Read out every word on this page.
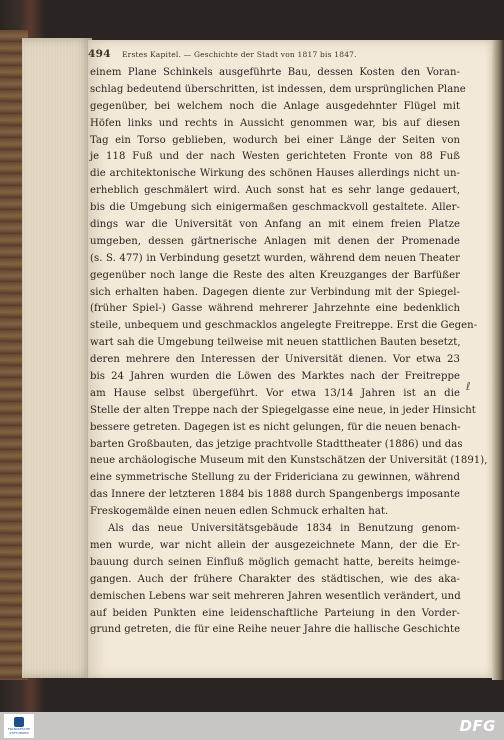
494 Erstes Kapitel. — Geschichte der Stadt von 1817 bis 1847.
einem Plane Schinkels ausgeführte Bau, dessen Kosten den Voran-
schlag bedeutend überschritten, ist indessen, dem ursprünglichen Plane
gegenüber, bei welchem noch die Anlage ausgedehnter Flügel mit
Höfen links und rechts in Aussicht genommen war, bis auf diesen
Tag ein Torso geblieben, wodurch bei einer Länge der Seiten von
je 118 Fuß und der nach Westen gerichteten Fronte von 88 Fuß
die architektonische Wirkung des schönen Hauses allerdings nicht un-
erheblich geschmälert wird. Auch sonst hat es sehr lange gedauert,
bis die Umgebung sich einigermaßen geschmackvoll gestaltete. Aller-
dings war die Universität von Anfang an mit einem freien Platze
umgeben, dessen gärtnerische Anlagen mit denen der Promenade
(s. S. 477) in Verbindung gesetzt wurden, während dem neuen Theater
gegenüber noch lange die Reste des alten Kreuzganges der Barfüßer
sich erhalten haben. Dagegen diente zur Verbindung mit der Spiegel-
(früher Spiel-) Gasse während mehrerer Jahrzehnte eine bedenklich
steile, unbequem und geschmacklos angelegte Freitreppe. Erst die Gegen-
wart sah die Umgebung teilweise mit neuen stattlichen Bauten besetzt,
deren mehrere den Interessen der Universität dienen. Vor etwa 23
bis 24 Jahren wurden die Löwen des Marktes nach der Freitreppe
am Hause selbst übergeführt. Vor etwa 13/14 Jahren ist an die
Stelle der alten Treppe nach der Spiegelgasse eine neue, in jeder Hinsicht
bessere getreten. Dagegen ist es nicht gelungen, für die neuen benach-
barten Großbauten, das jetzige prachtvolle Stadttheater (1886) und das
neue archäologische Museum mit den Kunstschätzen der Universität (1891),
eine symmetrische Stellung zu der Fridericiana zu gewinnen, während
das Innere der letzteren 1884 bis 1888 durch Spangenbergs imposante
Freskogemälde einen neuen edlen Schmuck erhalten hat.
Als das neue Universitätsgebäude 1834 in Benutzung genom-
men wurde, war nicht allein der ausgezeichnete Mann, der die Er-
bauung durch seinen Einfluß möglich gemacht hatte, bereits heimge-
gangen. Auch der frühere Charakter des städtischen, wie des aka-
demischen Lebens war seit mehreren Jahren wesentlich verändert, und
auf beiden Punkten eine leidenschaftliche Parteiung in den Vorder-
grund getreten, die für eine Reihe neuer Jahre die hallische Geschichte
ℓ
FRANCKESCHE STIFTUNGEN	DFG
